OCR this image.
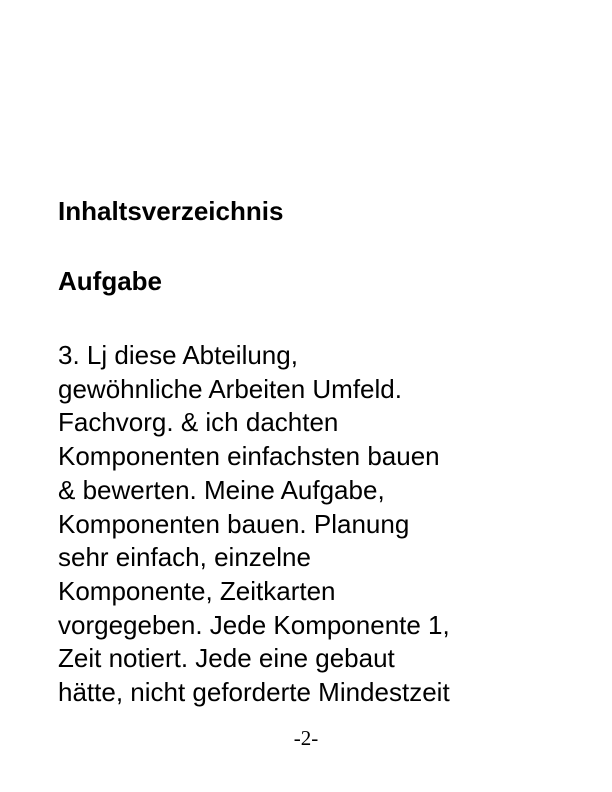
Inhaltsverzeichnis
Aufgabe

3. Lj diese Abteilung,
gewöhnliche Arbeiten Umfeld.
Fachvorg. & ich dachten
Komponenten einfachsten bauen
& bewerten. Meine Aufgabe,
Komponenten bauen. Planung
sehr einfach, einzelne
Komponente, Zeitkarten
vorgegeben. Jede Komponente 1,
Zeit notiert. Jede eine gebaut
hätte, nicht geforderte Mindestzeit

-2-
